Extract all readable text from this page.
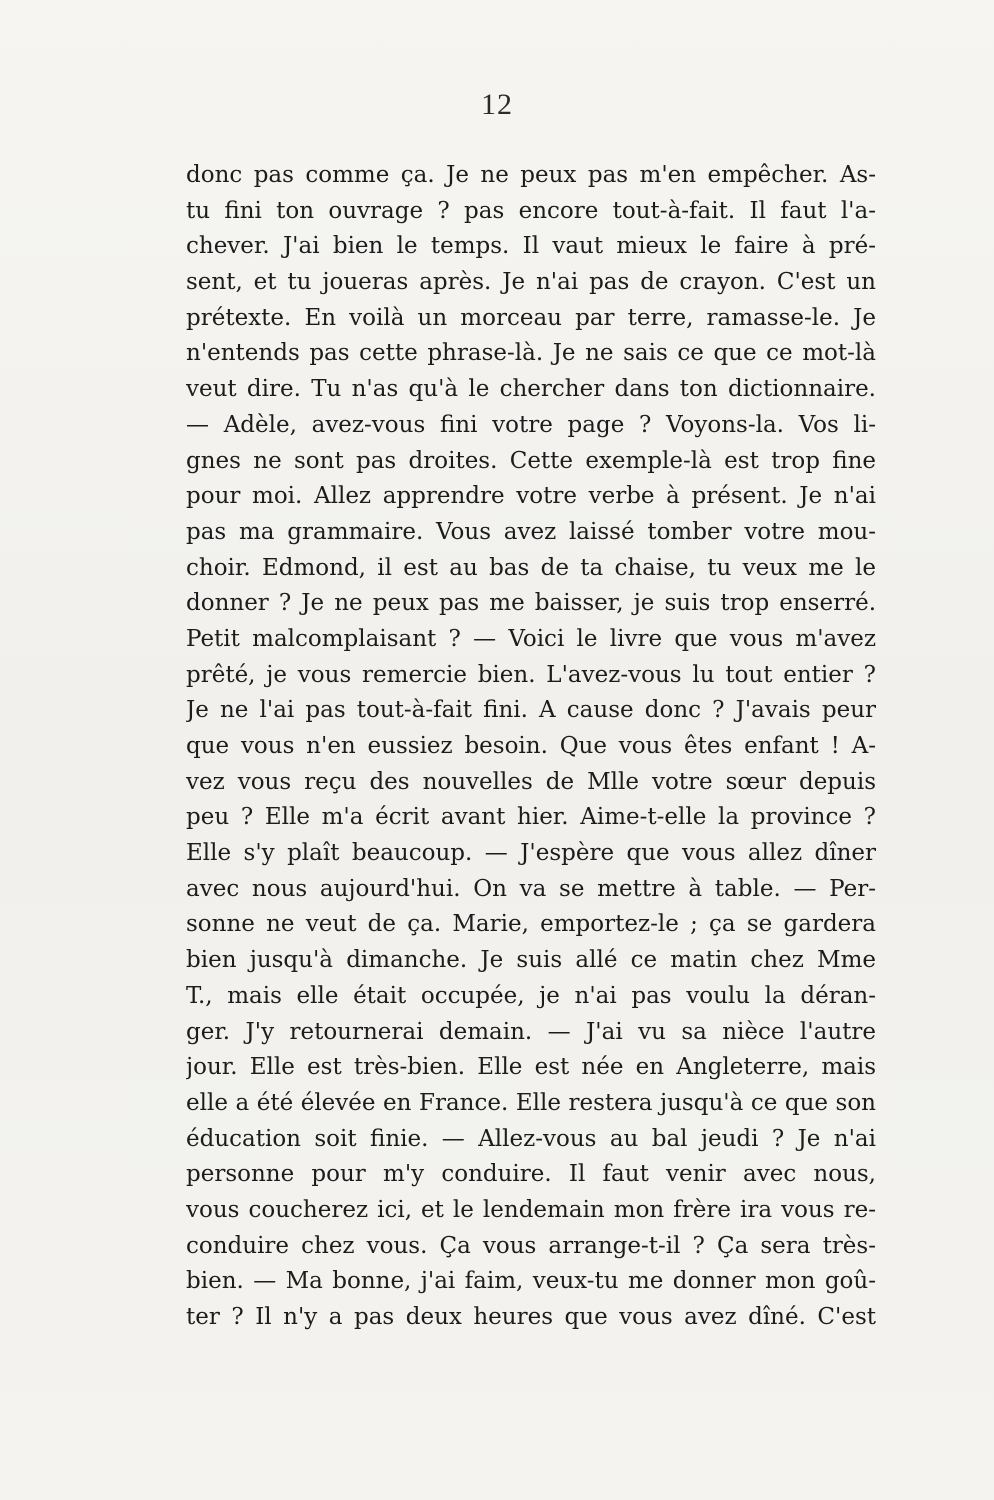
12
donc pas comme ça. Je ne peux pas m'en empêcher. As-
tu fini ton ouvrage ? pas encore tout-à-fait. Il faut l'a-
chever. J'ai bien le temps. Il vaut mieux le faire à pré-
sent, et tu joueras après. Je n'ai pas de crayon. C'est un
prétexte. En voilà un morceau par terre, ramasse-le. Je
n'entends pas cette phrase-là. Je ne sais ce que ce mot-là
veut dire. Tu n'as qu'à le chercher dans ton dictionnaire.
— Adèle, avez-vous fini votre page ? Voyons-la. Vos li-
gnes ne sont pas droites. Cette exemple-là est trop fine
pour moi. Allez apprendre votre verbe à présent. Je n'ai
pas ma grammaire. Vous avez laissé tomber votre mou-
choir. Edmond, il est au bas de ta chaise, tu veux me le
donner ? Je ne peux pas me baisser, je suis trop enserré.
Petit malcomplaisant ? — Voici le livre que vous m'avez
prêté, je vous remercie bien. L'avez-vous lu tout entier ?
Je ne l'ai pas tout-à-fait fini. A cause donc ? J'avais peur
que vous n'en eussiez besoin. Que vous êtes enfant ! A-
vez vous reçu des nouvelles de Mlle votre sœur depuis
peu ? Elle m'a écrit avant hier. Aime-t-elle la province ?
Elle s'y plaît beaucoup. — J'espère que vous allez dîner
avec nous aujourd'hui. On va se mettre à table. — Per-
sonne ne veut de ça. Marie, emportez-le ; ça se gardera
bien jusqu'à dimanche. Je suis allé ce matin chez Mme
T., mais elle était occupée, je n'ai pas voulu la déran-
ger. J'y retournerai demain. — J'ai vu sa nièce l'autre
jour. Elle est très-bien. Elle est née en Angleterre, mais
elle a été élevée en France. Elle restera jusqu'à ce que son
éducation soit finie. — Allez-vous au bal jeudi ? Je n'ai
personne pour m'y conduire. Il faut venir avec nous,
vous coucherez ici, et le lendemain mon frère ira vous re-
conduire chez vous. Ça vous arrange-t-il ? Ça sera très-
bien. — Ma bonne, j'ai faim, veux-tu me donner mon goû-
ter ? Il n'y a pas deux heures que vous avez dîné. C'est
